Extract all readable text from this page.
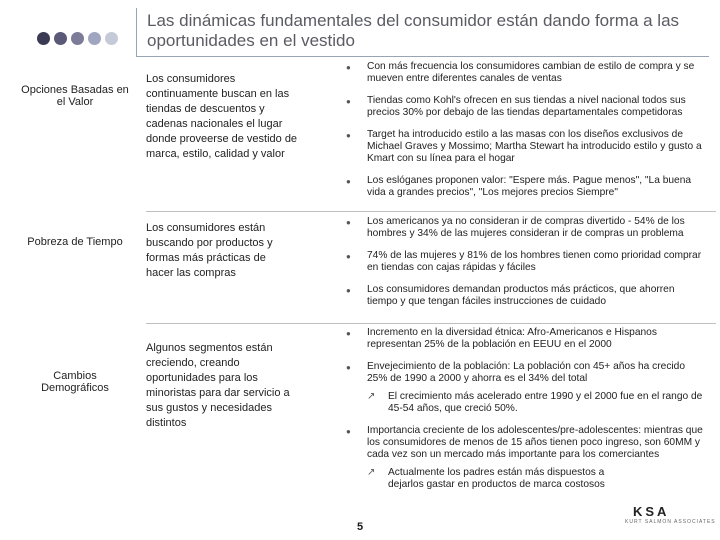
Las dinámicas fundamentales del consumidor están dando forma a las oportunidades en el vestido
Opciones Basadas en el Valor
Los consumidores continuamente buscan en las tiendas de descuentos y cadenas nacionales el lugar donde proveerse de vestido de marca, estilo, calidad y valor
● Con más frecuencia los consumidores cambian de estilo de compra y se mueven entre diferentes canales de ventas
● Tiendas como Kohl's ofrecen en sus tiendas a nivel nacional todos sus precios 30% por debajo de las tiendas departamentales competidoras
● Target ha introducido estilo a las masas con los diseños exclusivos de Michael Graves y Mossimo; Martha Stewart ha introducido estilo y gusto a Kmart con su línea para el hogar
● Los eslóganes proponen valor: "Espere más. Pague menos", "La buena vida a grandes precios", "Los mejores precios Siempre"
Pobreza de Tiempo
Los consumidores están buscando por productos y formas más prácticas de hacer las compras
● Los americanos ya no consideran ir de compras divertido - 54% de los hombres y 34% de las mujeres consideran ir de compras un problema
● 74% de las mujeres y 81% de los hombres tienen como prioridad comprar en tiendas con cajas rápidas y fáciles
● Los consumidores demandan productos más prácticos, que ahorren tiempo y que tengan fáciles instrucciones de cuidado
Cambios Demográficos
Algunos segmentos están creciendo, creando oportunidades para los minoristas para dar servicio a sus gustos y necesidades distintos
● Incremento en la diversidad étnica: Afro-Americanos e Hispanos representan 25% de la población en EEUU en el 2000
● Envejecimiento de la población: La población con 45+ años ha crecido 25% de 1990 a 2000 y ahorra es el 34% del total
↗ El crecimiento más acelerado entre 1990 y el 2000 fue en el rango de 45-54 años, que creció 50%.
● Importancia creciente de los adolescentes/pre-adolescentes: mientras que los consumidores de menos de 15 años tienen poco ingreso, son 60MM y cada vez son un mercado más importante para los comerciantes
↗ Actualmente los padres están más dispuestos a dejarlos gastar en productos de marca costosos
5
KSA
KURT SALMON ASSOCIATES
